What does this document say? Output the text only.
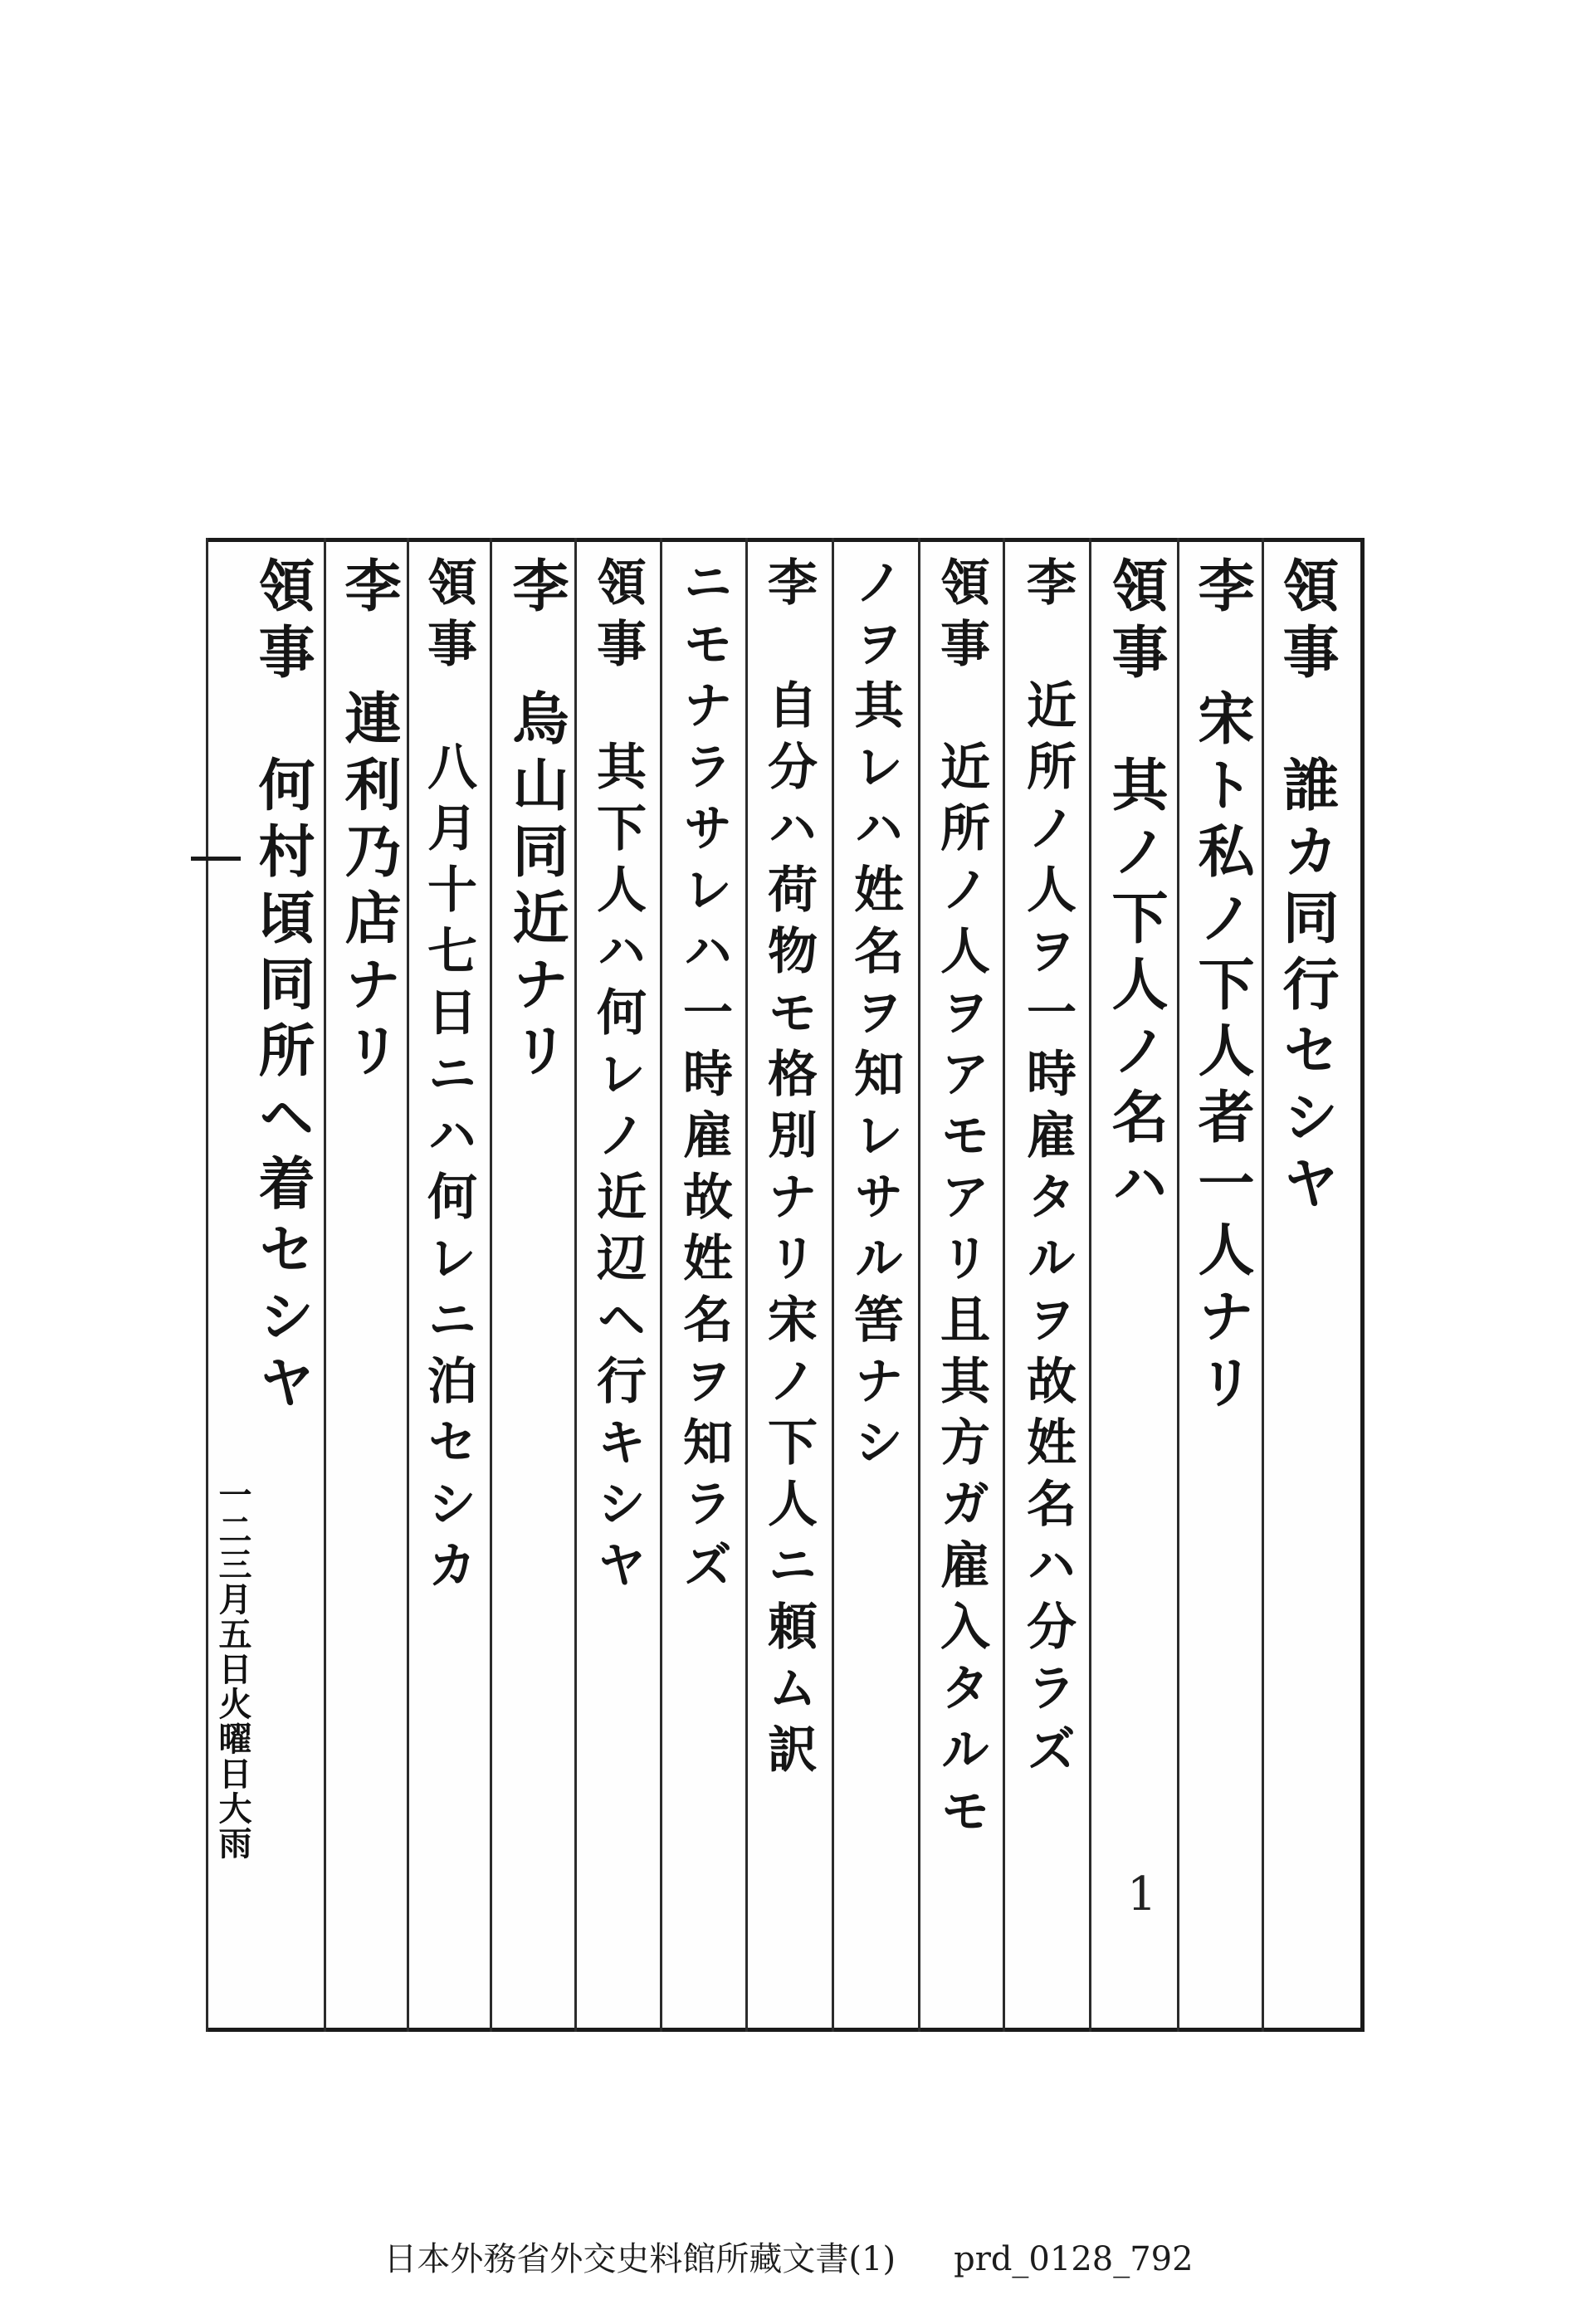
領事　誰カ同行セシヤ
李　宋ト私ノ下人者一人ナリ
領事　其ノ下人ノ名ハ
李　近所ノ人ヲ一時雇タルヲ故姓名ハ分ラズ
領事　近所ノ人ヲアモアリ且其方ガ雇入タルモ
ノヲ其レハ姓名ヲ知レサル筈ナシ
李　自分ハ荷物モ格別ナリ宋ノ下人ニ頼ム訳
ニモナラサレハ一時雇故姓名ヲ知ラズ
領事　其下人ハ何レノ近辺ヘ行キシヤ
李　烏山同近ナリ
領事　八月十七日ニハ何レニ泊セシカ
李　連利乃店ナリ
領事　何村頃同所ヘ着セシヤ
一二三月五日火曜日大雨
1
日本外務省外交史料館所藏文書(1) prd_0128_792
